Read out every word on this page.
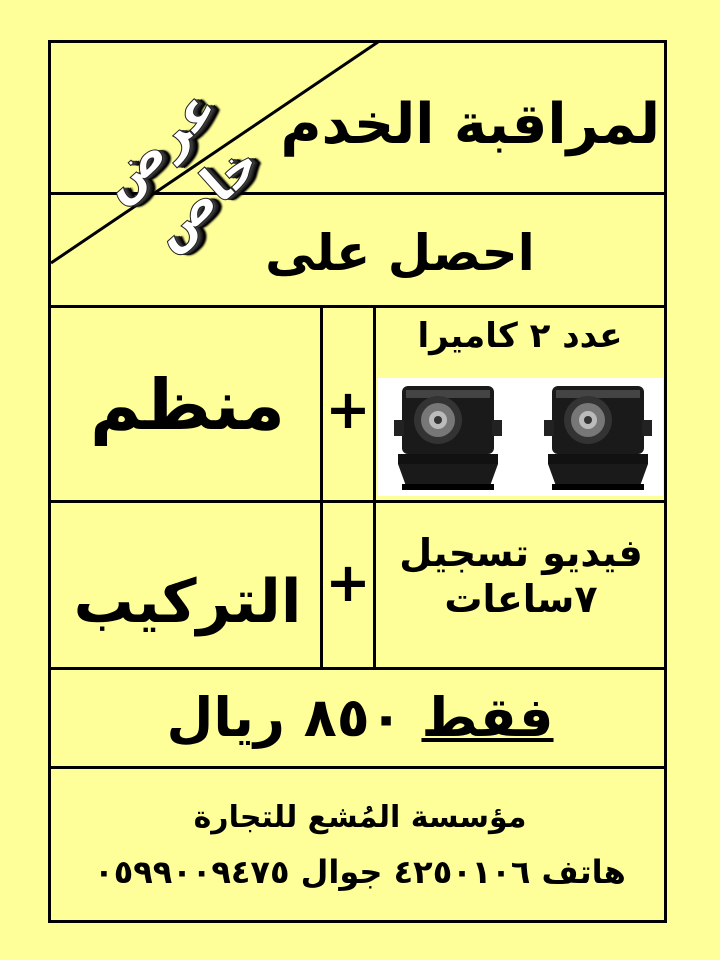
عرض خاص
لمراقبة الخدم
احصل على
عدد ٢ كاميرا
منظم +
فيديو تسجيل
٧ساعات
+
التركيب
فقط ٨٥٠ ريال
مؤسسة المُشع للتجارة
هاتف ٤٢٥٠١٠٦ جوال ٠٥٩٩٠٠٩٤٧٥
